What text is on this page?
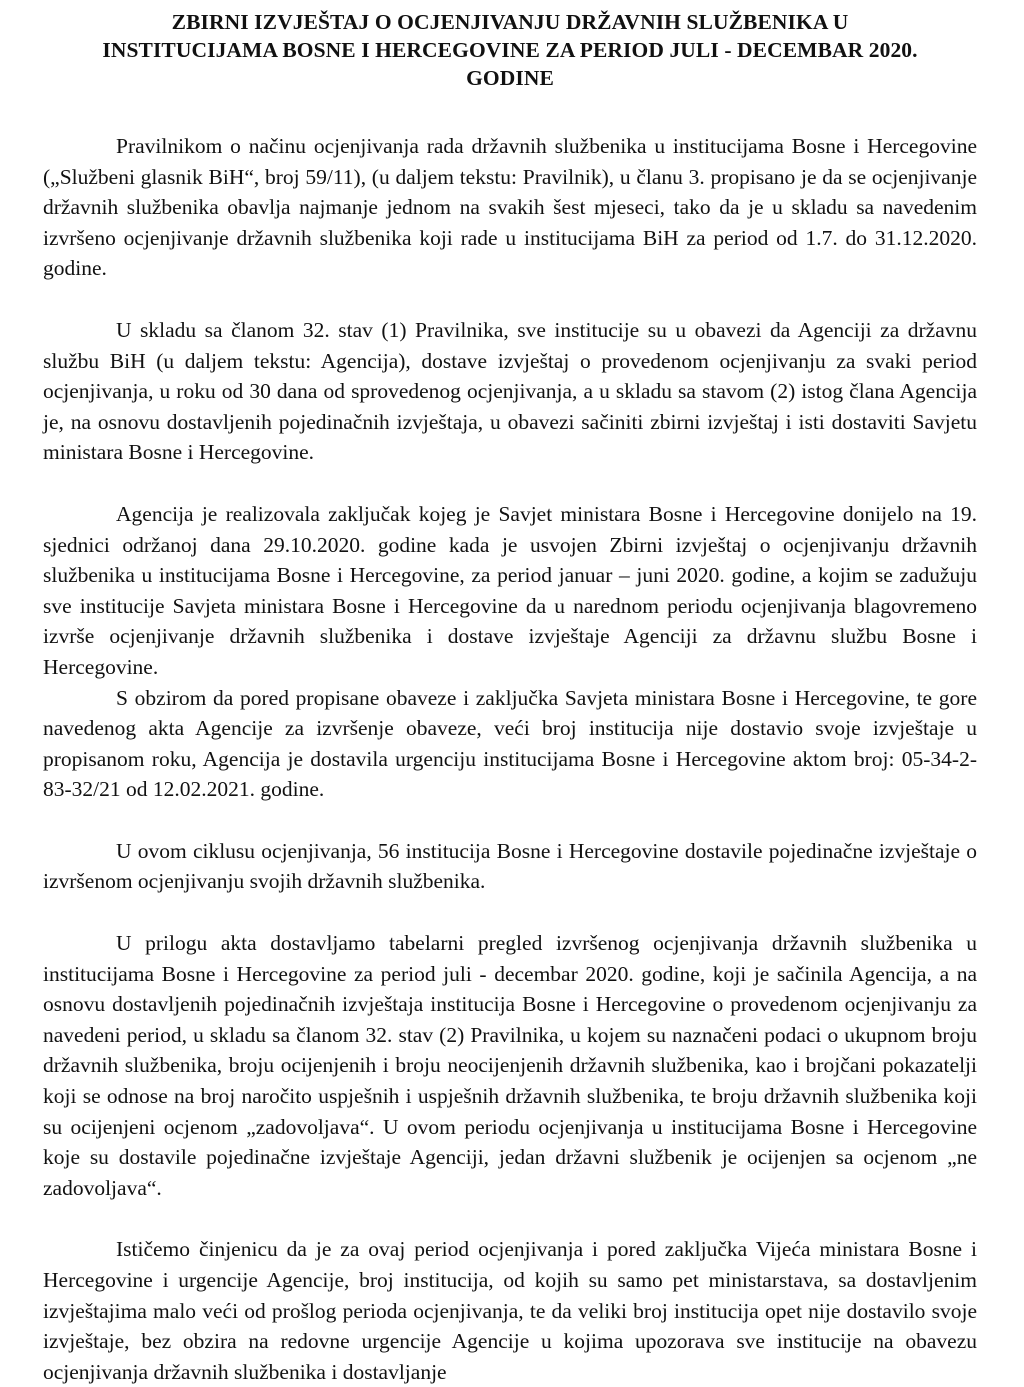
ZBIRNI IZVJEŠTAJ O OCJENJIVANJU DRŽAVNIH SLUŽBENIKA U
INSTITUCIJAMA BOSNE I HERCEGOVINE ZA PERIOD JULI - DECEMBAR 2020.
GODINE

Pravilnikom o načinu ocjenjivanja rada državnih službenika u institucijama Bosne i Hercegovine („Službeni glasnik BiH“, broj 59/11), (u daljem tekstu: Pravilnik), u članu 3. propisano je da se ocjenjivanje državnih službenika obavlja najmanje jednom na svakih šest mjeseci, tako da je u skladu sa navedenim izvršeno ocjenjivanje državnih službenika koji rade u institucijama BiH za period od 1.7. do 31.12.2020. godine.

U skladu sa članom 32. stav (1) Pravilnika, sve institucije su u obavezi da Agenciji za državnu službu BiH (u daljem tekstu: Agencija), dostave izvještaj o provedenom ocjenjivanju za svaki period ocjenjivanja, u roku od 30 dana od sprovedenog ocjenjivanja, a u skladu sa stavom (2) istog člana Agencija je, na osnovu dostavljenih pojedinačnih izvještaja, u obavezi sačiniti zbirni izvještaj i isti dostaviti Savjetu ministara Bosne i Hercegovine.

Agencija je realizovala zaključak kojeg je Savjet ministara Bosne i Hercegovine donijelo na 19. sjednici održanoj dana 29.10.2020. godine kada je usvojen Zbirni izvještaj o ocjenjivanju državnih službenika u institucijama Bosne i Hercegovine, za period januar – juni 2020. godine, a kojim se zadužuju sve institucije Savjeta ministara Bosne i Hercegovine da u narednom periodu ocjenjivanja blagovremeno izvrše ocjenjivanje državnih službenika i dostave izvještaje Agenciji za državnu službu Bosne i Hercegovine.

S obzirom da pored propisane obaveze i zaključka Savjeta ministara Bosne i Hercegovine, te gore navedenog akta Agencije za izvršenje obaveze, veći broj institucija nije dostavio svoje izvještaje u propisanom roku, Agencija je dostavila urgenciju institucijama Bosne i Hercegovine aktom broj: 05-34-2-83-32/21 od 12.02.2021. godine.

U ovom ciklusu ocjenjivanja, 56 institucija Bosne i Hercegovine dostavile pojedinačne izvještaje o izvršenom ocjenjivanju svojih državnih službenika.

U prilogu akta dostavljamo tabelarni pregled izvršenog ocjenjivanja državnih službenika u institucijama Bosne i Hercegovine za period juli - decembar 2020. godine, koji je sačinila Agencija, a na osnovu dostavljenih pojedinačnih izvještaja institucija Bosne i Hercegovine o provedenom ocjenjivanju za navedeni period, u skladu sa članom 32. stav (2) Pravilnika, u kojem su naznačeni podaci o ukupnom broju državnih službenika, broju ocijenjenih i broju neocijenjenih državnih službenika, kao i brojčani pokazatelji koji se odnose na broj naročito uspješnih i uspješnih državnih službenika, te broju državnih službenika koji su ocijenjeni ocjenom „zadovoljava“. U ovom periodu ocjenjivanja u institucijama Bosne i Hercegovine koje su dostavile pojedinačne izvještaje Agenciji, jedan državni službenik je ocijenjen sa ocjenom „ne zadovoljava“.

Ističemo činjenicu da je za ovaj period ocjenjivanja i pored zaključka Vijeća ministara Bosne i Hercegovine i urgencije Agencije, broj institucija, od kojih su samo pet ministarstava, sa dostavljenim izvještajima malo veći od prošlog perioda ocjenjivanja, te da veliki broj institucija opet nije dostavilo svoje izvještaje, bez obzira na redovne urgencije Agencije u kojima upozorava sve institucije na obavezu ocjenjivanja državnih službenika i dostavljanje
